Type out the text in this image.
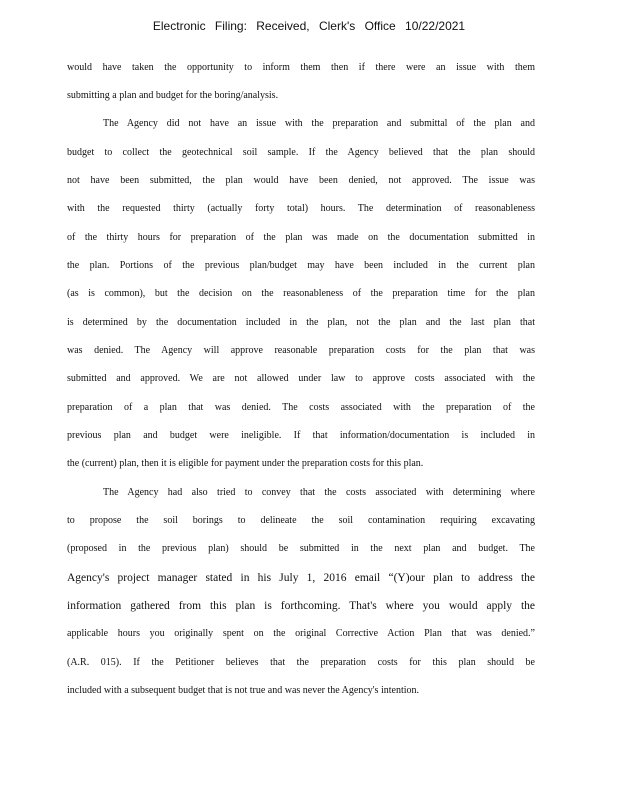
Electronic Filing: Received, Clerk's Office 10/22/2021
would have taken the opportunity to inform them then if there were an issue with them
submitting a plan and budget for the boring/analysis.
The Agency did not have an issue with the preparation and submittal of the plan and
budget to collect the geotechnical soil sample. If the Agency believed that the plan should
not have been submitted, the plan would have been denied, not approved. The issue was
with the requested thirty (actually forty total) hours. The determination of reasonableness
of the thirty hours for preparation of the plan was made on the documentation submitted in
the plan. Portions of the previous plan/budget may have been included in the current plan
(as is common), but the decision on the reasonableness of the preparation time for the plan
is determined by the documentation included in the plan, not the plan and the last plan that
was denied. The Agency will approve reasonable preparation costs for the plan that was
submitted and approved. We are not allowed under law to approve costs associated with the
preparation of a plan that was denied. The costs associated with the preparation of the
previous plan and budget were ineligible. If that information/documentation is included in
the (current) plan, then it is eligible for payment under the preparation costs for this plan.
The Agency had also tried to convey that the costs associated with determining where
to propose the soil borings to delineate the soil contamination requiring excavating
(proposed in the previous plan) should be submitted in the next plan and budget. The
Agency's project manager stated in his July 1, 2016 email “(Y)our plan to address the
information gathered from this plan is forthcoming. That's where you would apply the
applicable hours you originally spent on the original Corrective Action Plan that was denied.”
(A.R. 015). If the Petitioner believes that the preparation costs for this plan should be
included with a subsequent budget that is not true and was never the Agency's intention.
